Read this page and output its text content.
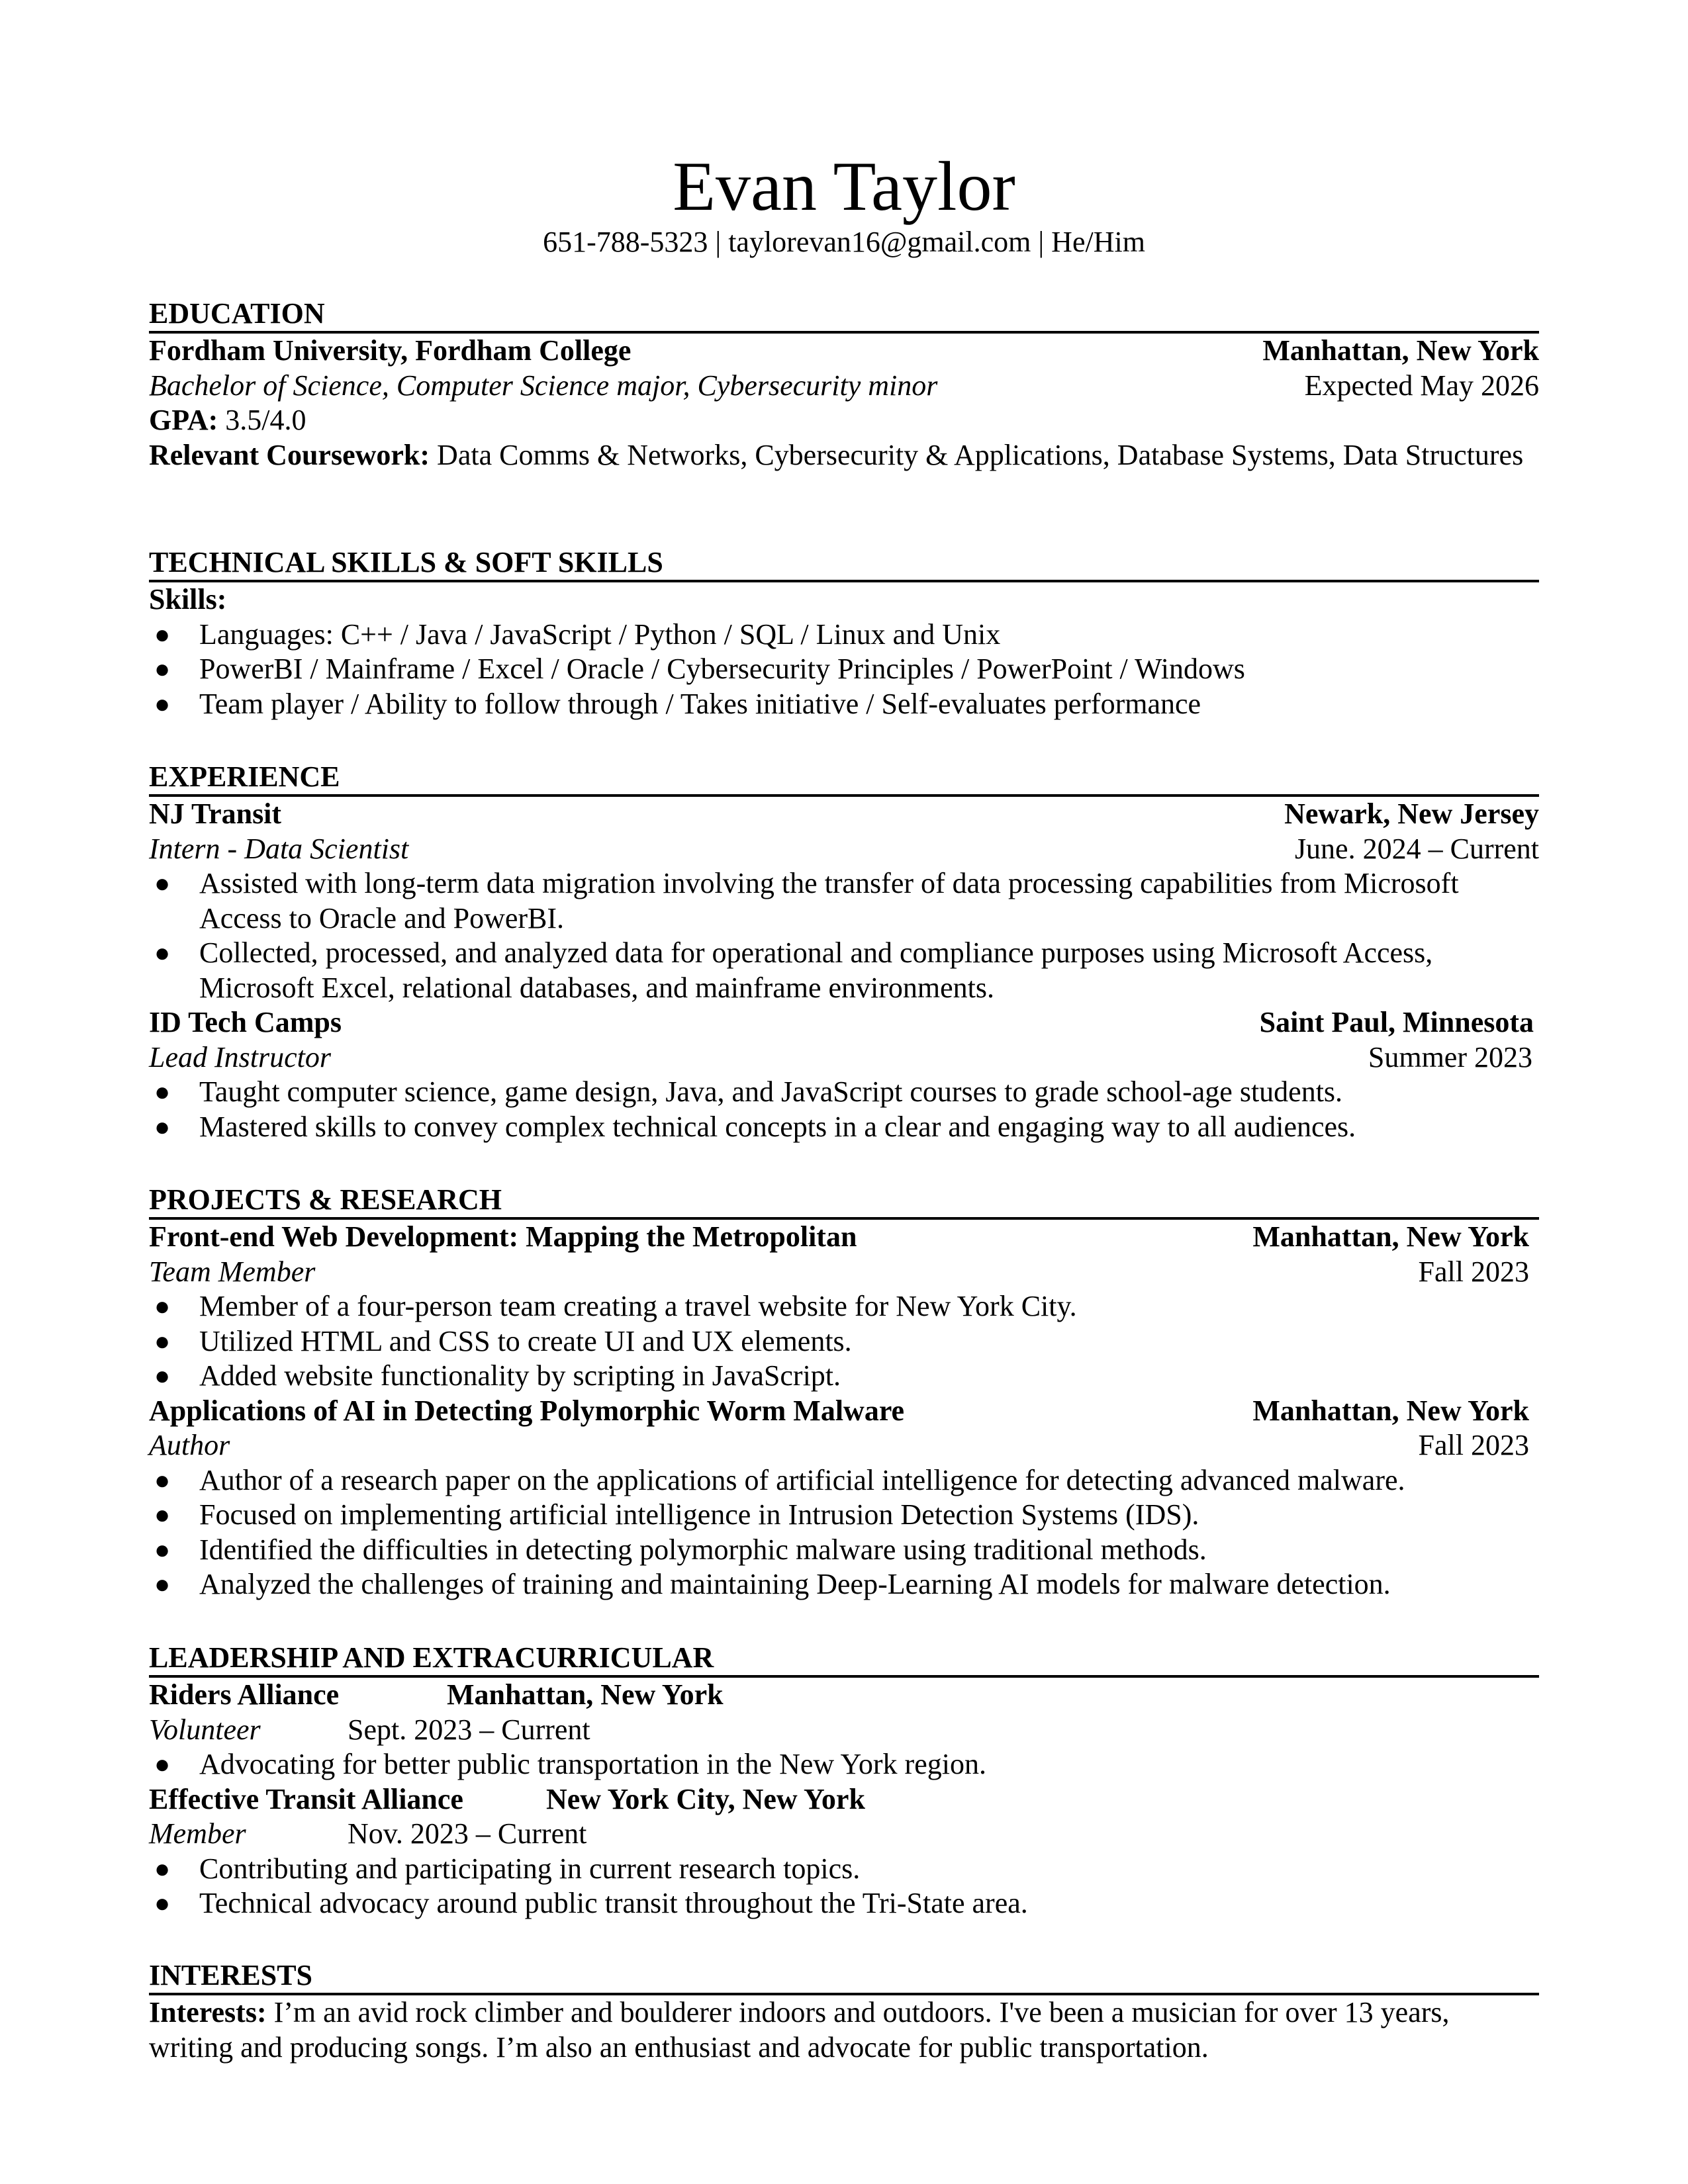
Evan Taylor
651-788-5323 | taylorevan16@gmail.com | He/Him
EDUCATION
Fordham University, Fordham College	Manhattan, New York
Bachelor of Science, Computer Science major, Cybersecurity minor	Expected May 2026
GPA: 3.5/4.0
Relevant Coursework: Data Comms & Networks, Cybersecurity & Applications, Database Systems, Data Structures
TECHNICAL SKILLS & SOFT SKILLS
Skills:
● Languages: C++ / Java / JavaScript / Python / SQL / Linux and Unix
● PowerBI / Mainframe / Excel / Oracle / Cybersecurity Principles / PowerPoint / Windows
● Team player / Ability to follow through / Takes initiative / Self-evaluates performance
EXPERIENCE
NJ Transit	Newark, New Jersey
Intern - Data Scientist	June. 2024 – Current
● Assisted with long-term data migration involving the transfer of data processing capabilities from Microsoft Access to Oracle and PowerBI.
● Collected, processed, and analyzed data for operational and compliance purposes using Microsoft Access, Microsoft Excel, relational databases, and mainframe environments.
ID Tech Camps	Saint Paul, Minnesota
Lead Instructor	Summer 2023
● Taught computer science, game design, Java, and JavaScript courses to grade school-age students.
● Mastered skills to convey complex technical concepts in a clear and engaging way to all audiences.
PROJECTS & RESEARCH
Front-end Web Development: Mapping the Metropolitan	Manhattan, New York
Team Member	Fall 2023
● Member of a four-person team creating a travel website for New York City.
● Utilized HTML and CSS to create UI and UX elements.
● Added website functionality by scripting in JavaScript.
Applications of AI in Detecting Polymorphic Worm Malware	Manhattan, New York
Author	Fall 2023
● Author of a research paper on the applications of artificial intelligence for detecting advanced malware.
● Focused on implementing artificial intelligence in Intrusion Detection Systems (IDS).
● Identified the difficulties in detecting polymorphic malware using traditional methods.
● Analyzed the challenges of training and maintaining Deep-Learning AI models for malware detection.
LEADERSHIP AND EXTRACURRICULAR
Riders Alliance	Manhattan, New York
Volunteer	Sept. 2023 – Current
● Advocating for better public transportation in the New York region.
Effective Transit Alliance	New York City, New York
Member	Nov. 2023 – Current
● Contributing and participating in current research topics.
● Technical advocacy around public transit throughout the Tri-State area.
INTERESTS
Interests: I’m an avid rock climber and boulderer indoors and outdoors. I've been a musician for over 13 years, writing and producing songs. I’m also an enthusiast and advocate for public transportation.
